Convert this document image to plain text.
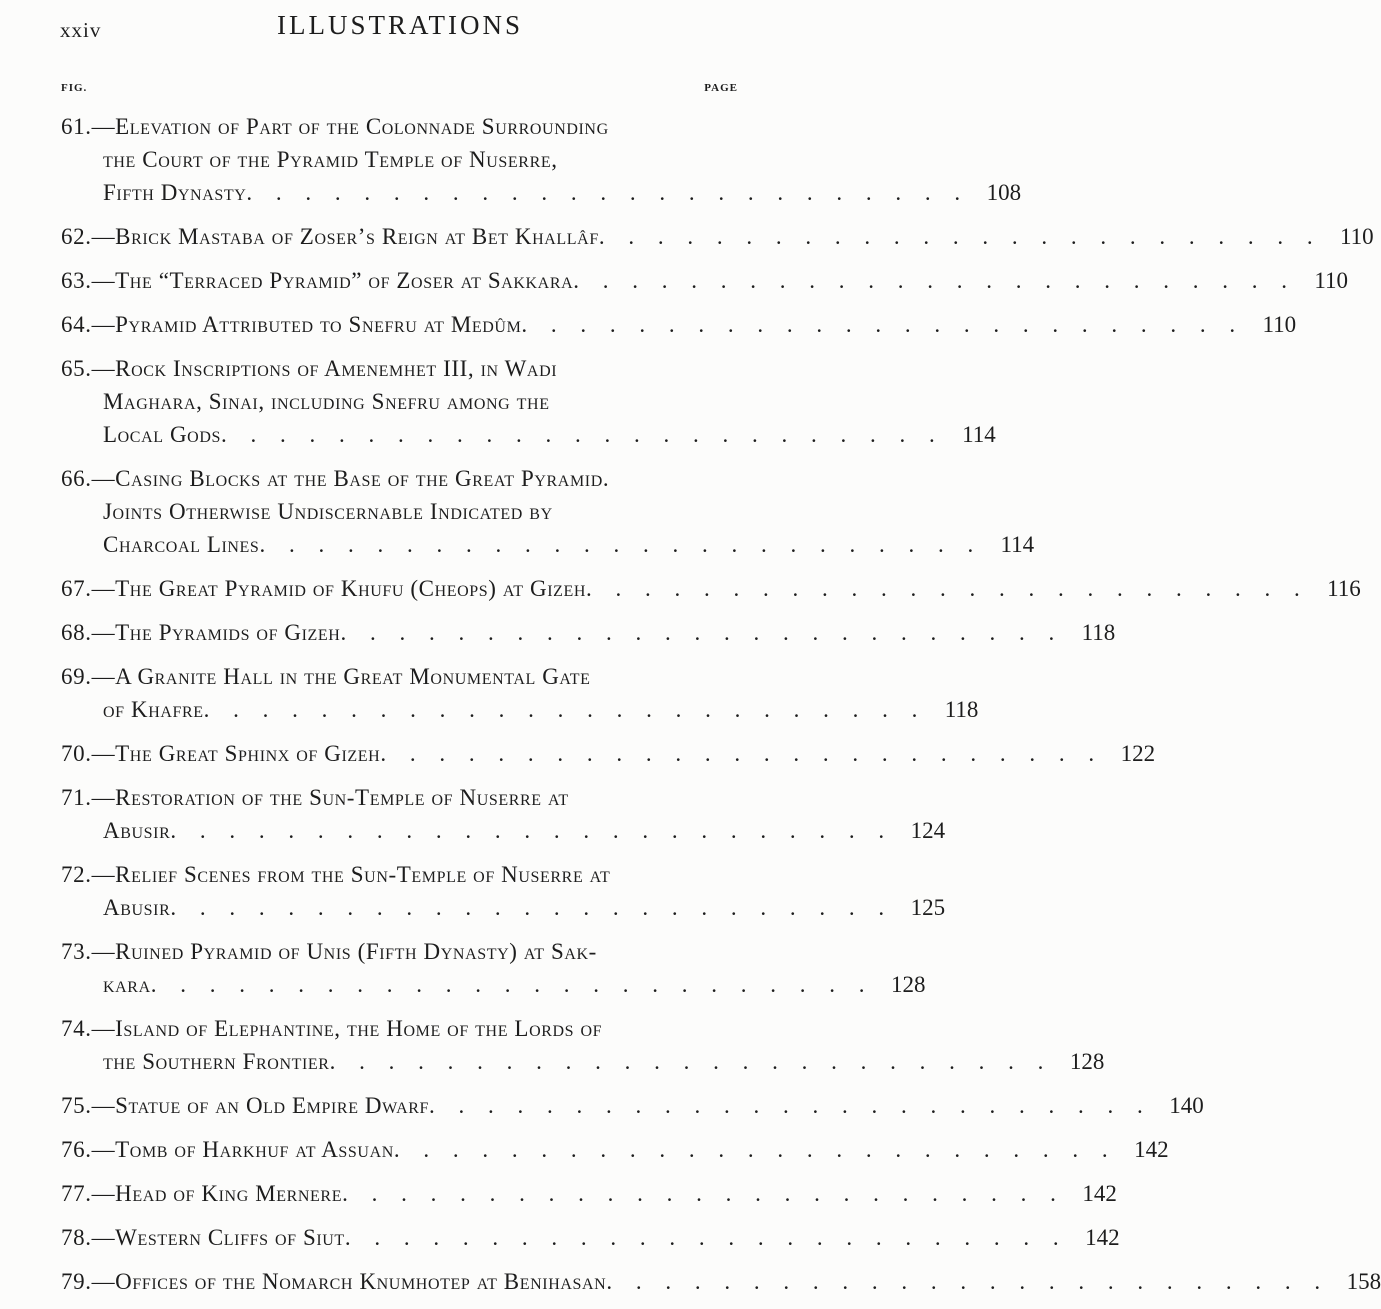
xxiv	ILLUSTRATIONS
FIG.	PAGE
61.—Elevation of Part of the Colonnade Surrounding
the Court of the Pyramid Temple of Nuserre,
Fifth Dynasty . . . . . . . . . . . . . . . . . . . . . . . . . 108
62.—Brick Mastaba of Zoser’s Reign at Bet Khallâf . . . . . . . . . . . . . . . . . . . . . . . . . 110
63.—The “Terraced Pyramid” of Zoser at Sakkara . . . . . . . . . . . . . . . . . . . . . . . . . 110
64.—Pyramid Attributed to Snefru at Medûm . . . . . . . . . . . . . . . . . . . . . . . . . 110
65.—Rock Inscriptions of Amenemhet III, in Wadi
Maghara, Sinai, including Snefru among the
Local Gods . . . . . . . . . . . . . . . . . . . . . . . . . 114
66.—Casing Blocks at the Base of the Great Pyramid.
Joints Otherwise Undiscernable Indicated by
Charcoal Lines . . . . . . . . . . . . . . . . . . . . . . . . . 114
67.—The Great Pyramid of Khufu (Cheops) at Gizeh . . . . . . . . . . . . . . . . . . . . . . . . . 116
68.—The Pyramids of Gizeh . . . . . . . . . . . . . . . . . . . . . . . . . 118
69.—A Granite Hall in the Great Monumental Gate
of Khafre . . . . . . . . . . . . . . . . . . . . . . . . . 118
70.—The Great Sphinx of Gizeh . . . . . . . . . . . . . . . . . . . . . . . . . 122
71.—Restoration of the Sun-Temple of Nuserre at
Abusir . . . . . . . . . . . . . . . . . . . . . . . . . 124
72.—Relief Scenes from the Sun-Temple of Nuserre at
Abusir . . . . . . . . . . . . . . . . . . . . . . . . . 125
73.—Ruined Pyramid of Unis (Fifth Dynasty) at Sak-
kara . . . . . . . . . . . . . . . . . . . . . . . . . 128
74.—Island of Elephantine, the Home of the Lords of
the Southern Frontier . . . . . . . . . . . . . . . . . . . . . . . . . 128
75.—Statue of an Old Empire Dwarf . . . . . . . . . . . . . . . . . . . . . . . . . 140
76.—Tomb of Harkhuf at Assuan . . . . . . . . . . . . . . . . . . . . . . . . . 142
77.—Head of King Mernere . . . . . . . . . . . . . . . . . . . . . . . . . 142
78.—Western Cliffs of Siut . . . . . . . . . . . . . . . . . . . . . . . . . 142
79.—Offices of the Nomarch Knumhotep at Benihasan . . . . . . . . . . . . . . . . . . . . . . . . . 158
